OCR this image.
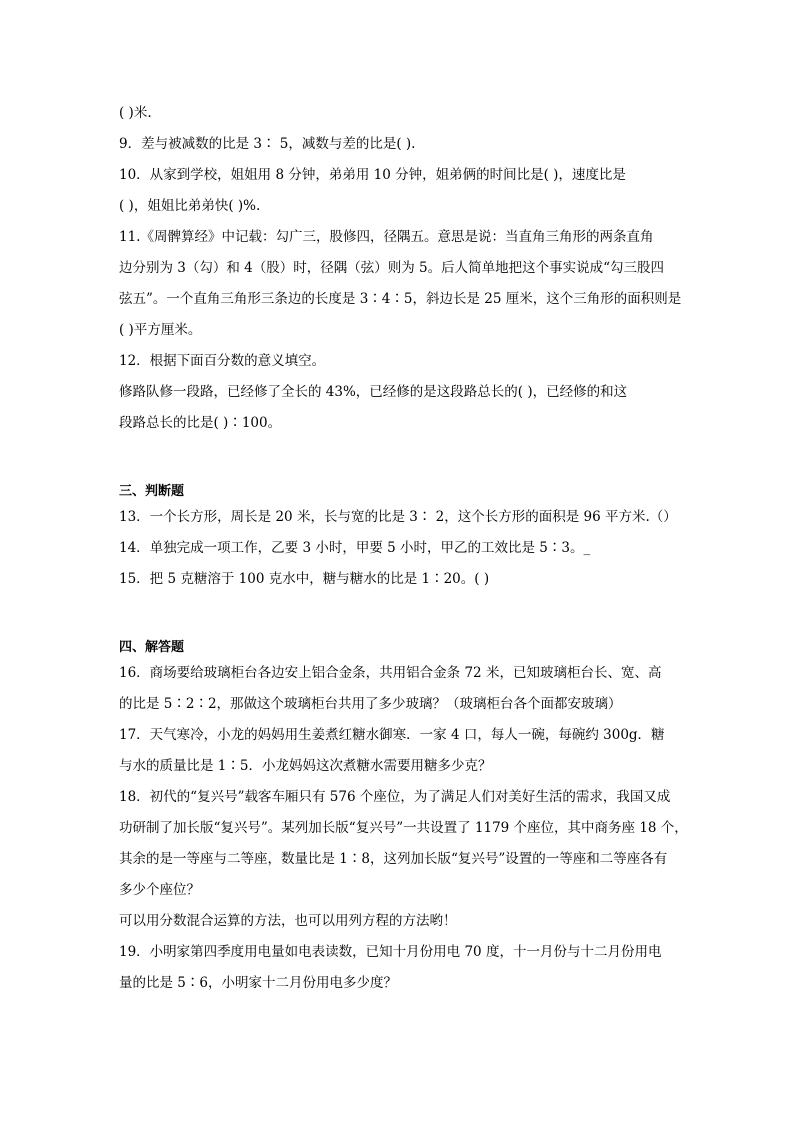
( )米.
9．差与被减数的比是 3∶ 5，减数与差的比是( ).
10．从家到学校，姐姐用 8 分钟，弟弟用 10 分钟，姐弟俩的时间比是( )，速度比是
( )，姐姐比弟弟快( )%.
11.《周髀算经》中记载：勾广三，股修四，径隅五。意思是说：当直角三角形的两条直角
边分别为 3（勾）和 4（股）时，径隅（弦）则为 5。后人简单地把这个事实说成“勾三股四
弦五”。一个直角三角形三条边的长度是 3∶4∶5，斜边长是 25 厘米，这个三角形的面积则是
( )平方厘米。
12．根据下面百分数的意义填空。
修路队修一段路，已经修了全长的 43%，已经修的是这段路总长的( )，已经修的和这
段路总长的比是( )∶100。
三、判断题
13．一个长方形，周长是 20 米，长与宽的比是 3∶ 2，这个长方形的面积是 96 平方米.（）
14．单独完成一项工作，乙要 3 小时，甲要 5 小时，甲乙的工效比是 5∶3。_
15．把 5 克糖溶于 100 克水中，糖与糖水的比是 1∶20。( )
四、解答题
16．商场要给玻璃柜台各边安上铝合金条，共用铝合金条 72 米，已知玻璃柜台长、宽、高
的比是 5∶2∶2，那做这个玻璃柜台共用了多少玻璃？（玻璃柜台各个面都安玻璃）
17．天气寒冷，小龙的妈妈用生姜煮红糖水御寒．一家 4 口，每人一碗，每碗约 300g．糖
与水的质量比是 1∶5．小龙妈妈这次煮糖水需要用糖多少克？
18．初代的“复兴号”载客车厢只有 576 个座位，为了满足人们对美好生活的需求，我国又成
功研制了加长版“复兴号”。某列加长版“复兴号”一共设置了 1179 个座位，其中商务座 18 个，
其余的是一等座与二等座，数量比是 1∶8，这列加长版“复兴号”设置的一等座和二等座各有
多少个座位？
可以用分数混合运算的方法，也可以用列方程的方法哟！
19．小明家第四季度用电量如电表读数，已知十月份用电 70 度，十一月份与十二月份用电
量的比是 5∶6，小明家十二月份用电多少度？
